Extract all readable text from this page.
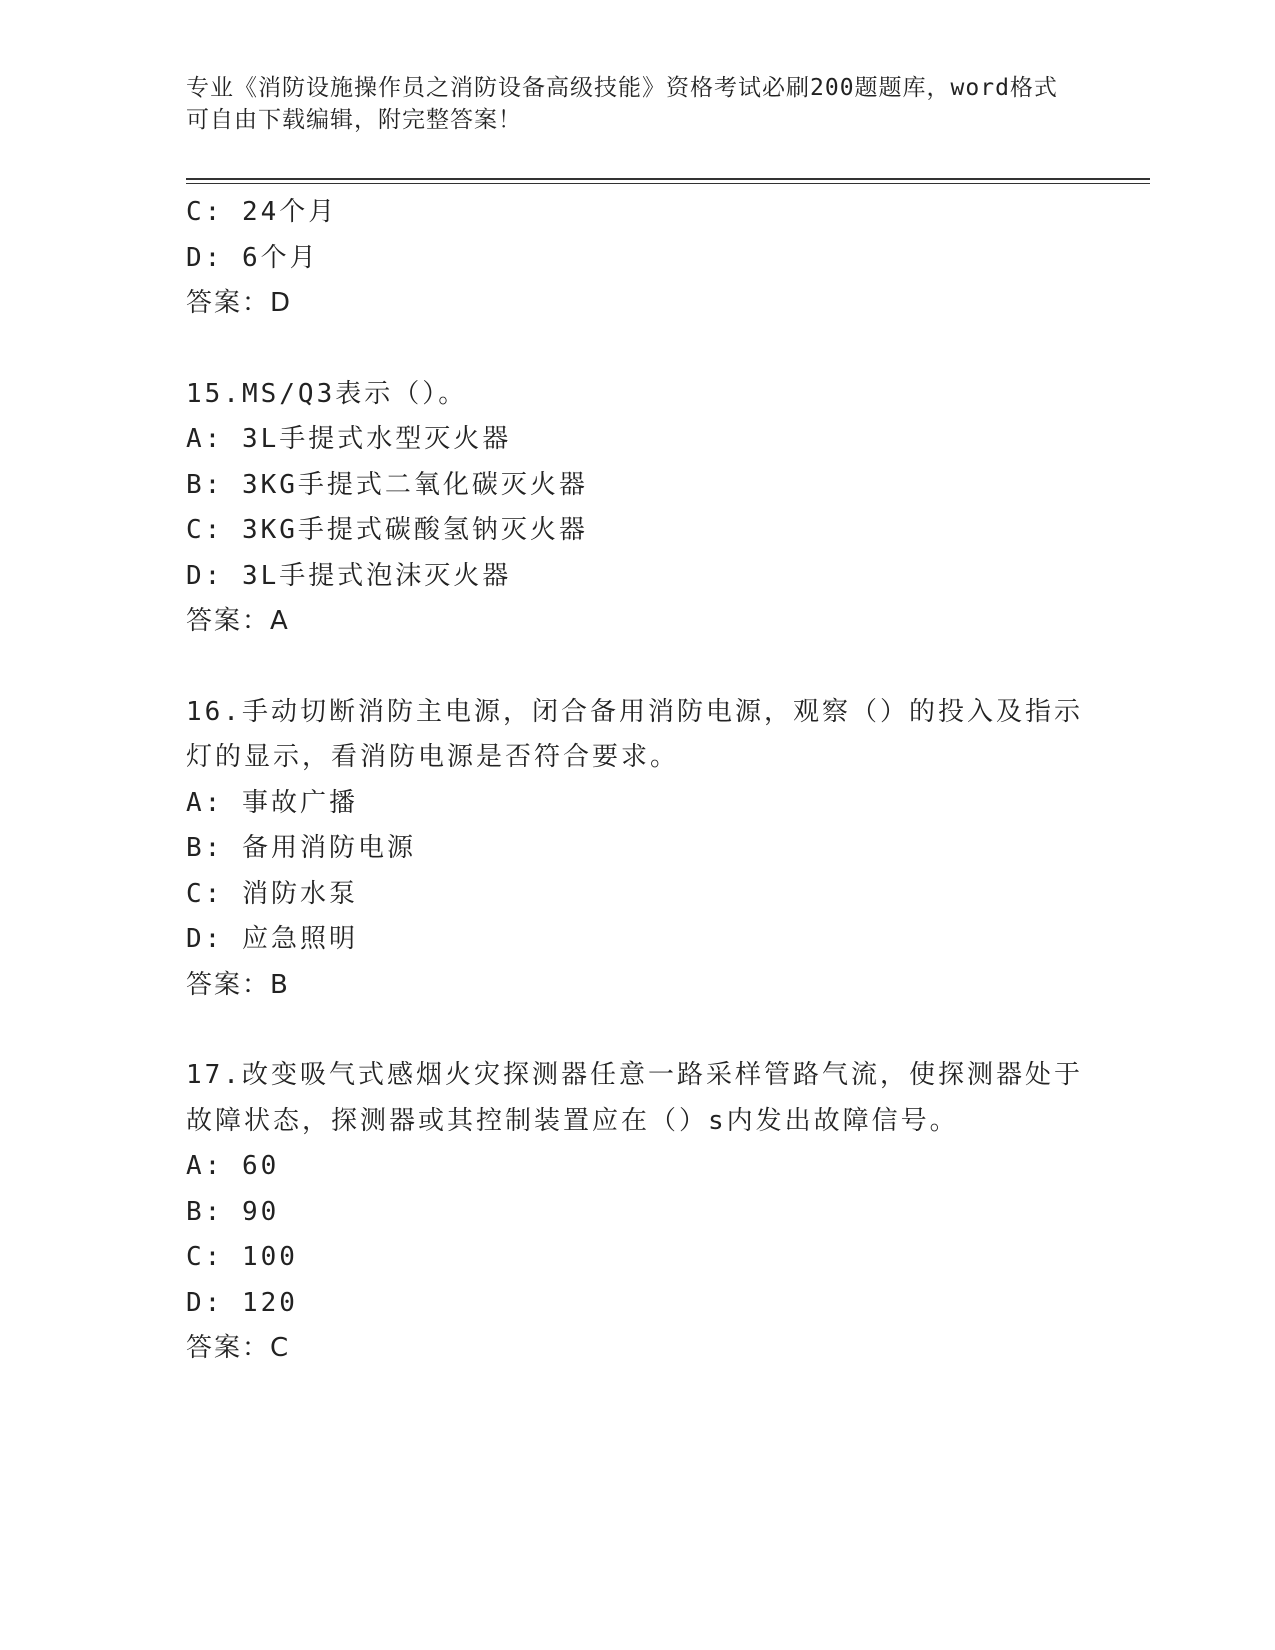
专业《消防设施操作员之消防设备高级技能》资格考试必刷200题题库，word格式可自由下载编辑，附完整答案！
C: 24个月
D: 6个月
答案：D
15.MS/Q3表示（）。
A: 3L手提式水型灭火器
B: 3KG手提式二氧化碳灭火器
C: 3KG手提式碳酸氢钠灭火器
D: 3L手提式泡沫灭火器
答案：A
16.手动切断消防主电源，闭合备用消防电源，观察（）的投入及指示
灯的显示，看消防电源是否符合要求。
A: 事故广播
B: 备用消防电源
C: 消防水泵
D: 应急照明
答案：B
17.改变吸气式感烟火灾探测器任意一路采样管路气流，使探测器处于
故障状态，探测器或其控制装置应在（）s内发出故障信号。
A: 60
B: 90
C: 100
D: 120
答案：C
